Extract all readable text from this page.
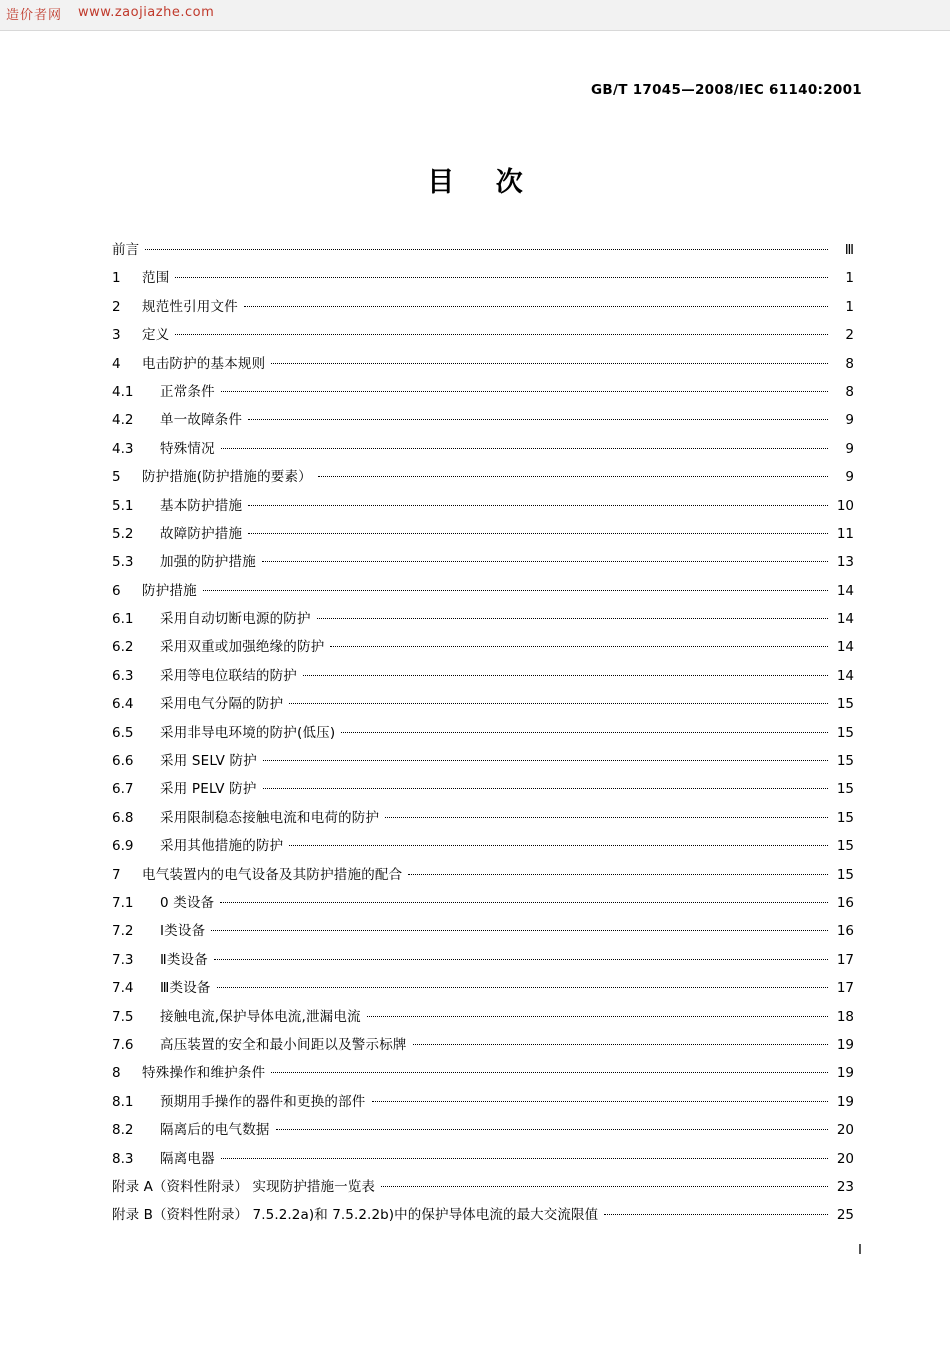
造价者网 www.zaojiazhe.com
GB/T 17045—2008/IEC 61140:2001
目 次
前言	Ⅲ
1	范围	1
2	规范性引用文件	1
3	定义	2
4	电击防护的基本规则	8
4.1	正常条件	8
4.2	单一故障条件	9
4.3	特殊情况	9
5	防护措施(防护措施的要素）	9
5.1	基本防护措施	10
5.2	故障防护措施	11
5.3	加强的防护措施	13
6	防护措施	14
6.1	采用自动切断电源的防护	14
6.2	采用双重或加强绝缘的防护	14
6.3	采用等电位联结的防护	14
6.4	采用电气分隔的防护	15
6.5	采用非导电环境的防护(低压)	15
6.6	采用 SELV 防护	15
6.7	采用 PELV 防护	15
6.8	采用限制稳态接触电流和电荷的防护	15
6.9	采用其他措施的防护	15
7	电气装置内的电气设备及其防护措施的配合	15
7.1	0 类设备	16
7.2	Ⅰ类设备	16
7.3	Ⅱ类设备	17
7.4	Ⅲ类设备	17
7.5	接触电流,保护导体电流,泄漏电流	18
7.6	高压装置的安全和最小间距以及警示标牌	19
8	特殊操作和维护条件	19
8.1	预期用手操作的器件和更换的部件	19
8.2	隔离后的电气数据	20
8.3	隔离电器	20
附录 A（资料性附录） 实现防护措施一览表	23
附录 B（资料性附录） 7.5.2.2a)和 7.5.2.2b)中的保护导体电流的最大交流限值	25
I
